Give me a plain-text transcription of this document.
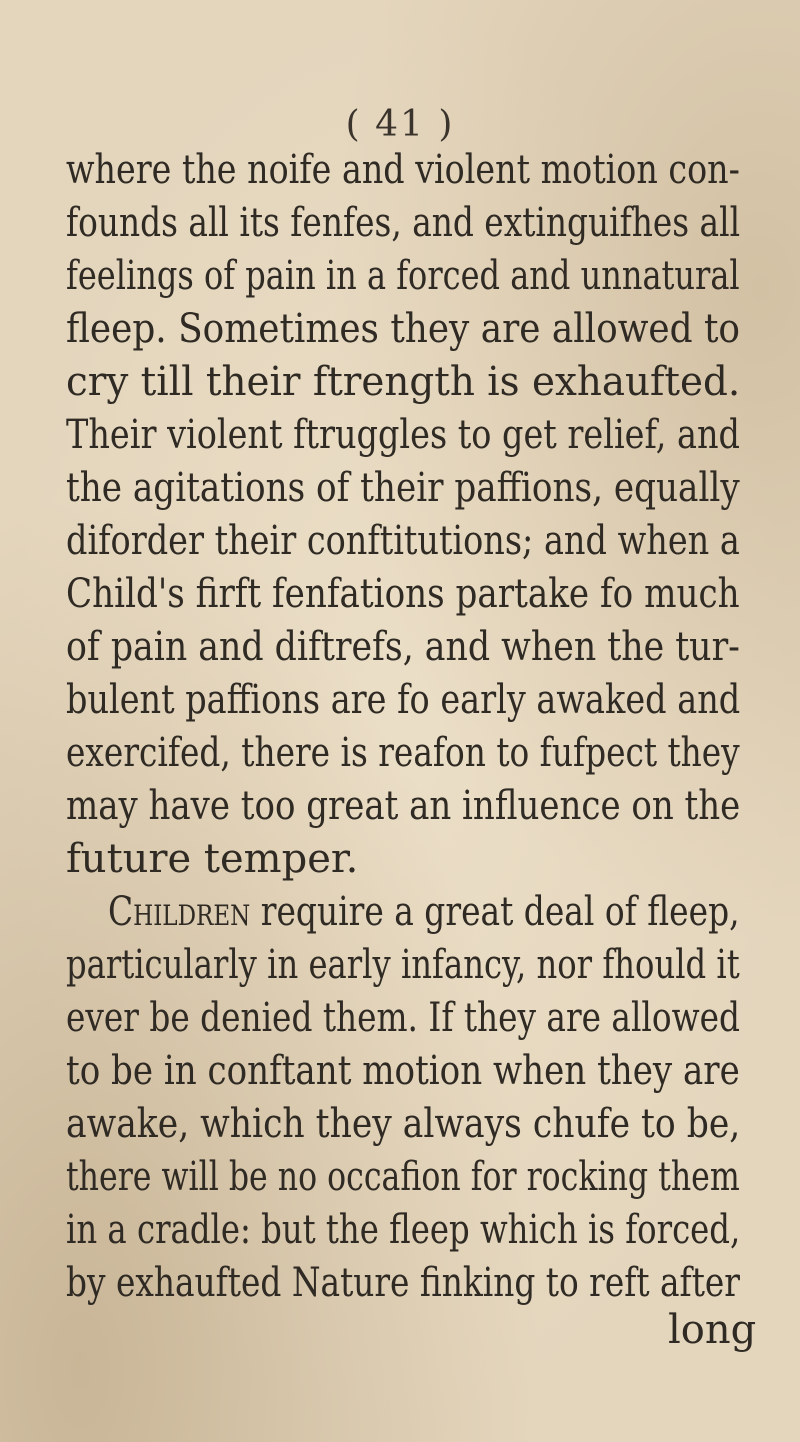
( 41 )
where the noife and violent motion con-
founds all its fenfes, and extinguifhes all
feelings of pain in a forced and unnatural
fleep. Sometimes they are allowed to
cry till their ftrength is exhaufted.
Their violent ftruggles to get relief, and
the agitations of their paffions, equally
diforder their conftitutions; and when a
Child's firft fenfations partake fo much
of pain and diftrefs, and when the tur-
bulent paffions are fo early awaked and
exercifed, there is reafon to fufpect they
may have too great an influence on the
future temper.
Children require a great deal of fleep,
particularly in early infancy, nor fhould it
ever be denied them. If they are allowed
to be in conftant motion when they are
awake, which they always chufe to be,
there will be no occafion for rocking them
in a cradle: but the fleep which is forced,
by exhaufted Nature finking to reft after
long
